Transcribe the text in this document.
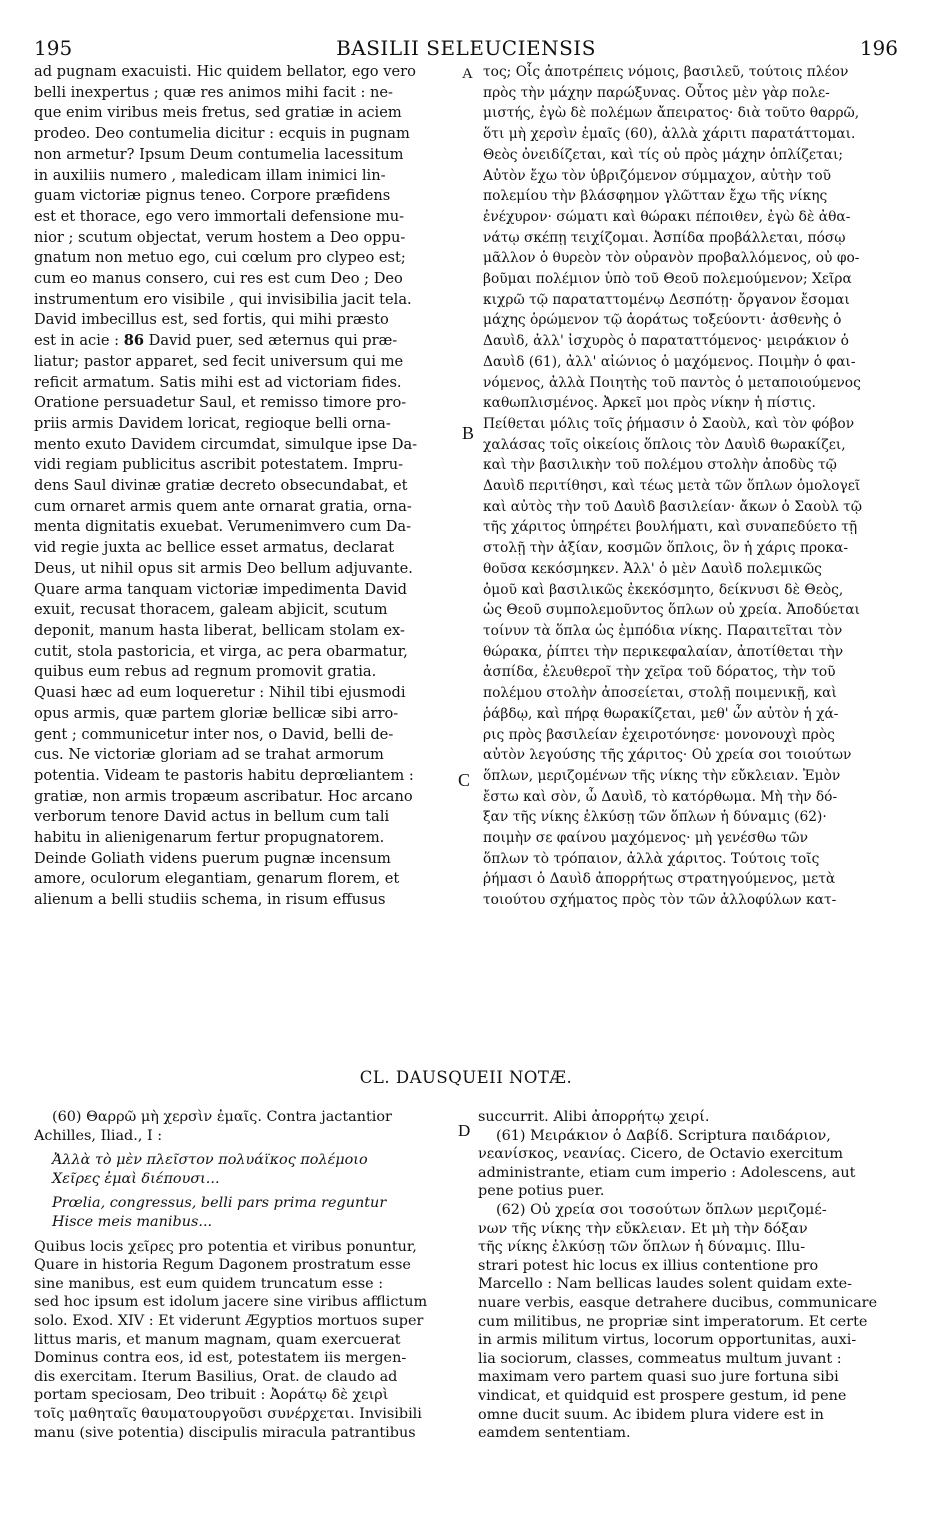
195	BASILII SELEUCIENSIS	196
ad pugnam exacuisti. Hic quidem bellator, ego vero
belli inexpertus ; quæ res animos mihi facit : ne-
que enim viribus meis fretus, sed gratiæ in aciem
prodeo. Deo contumelia dicitur : ecquis in pugnam
non armetur? Ipsum Deum contumelia lacessitum
in auxiliis numero , maledicam illam inimici lin-
guam victoriæ pignus teneo. Corpore præfidens
est et thorace, ego vero immortali defensione mu-
nior ; scutum objectat, verum hostem a Deo oppu-
gnatum non metuo ego, cui cœlum pro clypeo est;
cum eo manus consero, cui res est cum Deo ; Deo
instrumentum ero visibile , qui invisibilia jacit tela.
David imbecillus est, sed fortis, qui mihi præsto
est in acie : 86 David puer, sed æternus qui præ-
liatur; pastor apparet, sed fecit universum qui me
reficit armatum. Satis mihi est ad victoriam fides.
Oratione persuadetur Saul, et remisso timore pro-
priis armis Davidem loricat, regioque belli orna-
mento exuto Davidem circumdat, simulque ipse Da-
vidi regiam publicitus ascribit potestatem. Impru-
dens Saul divinæ gratiæ decreto obsecundabat, et
cum ornaret armis quem ante ornarat gratia, orna-
menta dignitatis exuebat. Verumenimvero cum Da-
vid regie juxta ac bellice esset armatus, declarat
Deus, ut nihil opus sit armis Deo bellum adjuvante.
Quare arma tanquam victoriæ impedimenta David
exuit, recusat thoracem, galeam abjicit, scutum
deponit, manum hasta liberat, bellicam stolam ex-
cutit, stola pastoricia, et virga, ac pera obarmatur,
quibus eum rebus ad regnum promovit gratia.
Quasi hæc ad eum loqueretur : Nihil tibi ejusmodi
opus armis, quæ partem gloriæ bellicæ sibi arro-
gent ; communicetur inter nos, o David, belli de-
cus. Ne victoriæ gloriam ad se trahat armorum
potentia. Videam te pastoris habitu deprœliantem :
gratiæ, non armis tropæum ascribatur. Hoc arcano
verborum tenore David actus in bellum cum tali
habitu in alienigenarum fertur propugnatorem.
Deinde Goliath videns puerum pugnæ incensum
amore, oculorum elegantiam, genarum florem, et
alienum a belli studiis schema, in risum effusus
A
B
C
D
τος; Οἷς ἀποτρέπεις νόμοις, βασιλεῦ, τούτοις πλέον
πρὸς τὴν μάχην παρώξυνας. Οὗτος μὲν γὰρ πολε-
μιστής, ἐγὼ δὲ πολέμων ἄπειρατος· διὰ τοῦτο θαρρῶ,
ὅτι μὴ χερσὶν ἐμαῖς (60), ἀλλὰ χάριτι παρατάττομαι.
Θεὸς ὀνειδίζεται, καὶ τίς οὐ πρὸς μάχην ὁπλίζεται;
Αὐτὸν ἔχω τὸν ὑβριζόμενον σύμμαχον, αὐτὴν τοῦ
πολεμίου τὴν βλάσφημον γλῶτταν ἔχω τῆς νίκης
ἐνέχυρον· σώματι καὶ θώρακι πέποιθεν, ἐγὼ δὲ ἀθα-
νάτῳ σκέπῃ τειχίζομαι. Ἀσπίδα προβάλλεται, πόσῳ
μᾶλλον ὁ θυρεὸν τὸν οὐρανὸν προβαλλόμενος, οὐ φο-
βοῦμαι πολέμιον ὑπὸ τοῦ Θεοῦ πολεμούμενον; Χεῖρα
κιχρῶ τῷ παραταττομένῳ Δεσπότῃ· ὄργανον ἔσομαι
μάχης ὁρώμενον τῷ ἀοράτως τοξεύοντι· ἀσθενὴς ὁ
Δαυὶδ, ἀλλ' ἰσχυρὸς ὁ παραταττόμενος· μειράκιον ὁ
Δαυὶδ (61), ἀλλ' αἰώνιος ὁ μαχόμενος. Ποιμὴν ὁ φαι-
νόμενος, ἀλλὰ Ποιητὴς τοῦ παντὸς ὁ μεταποιούμενος
καθωπλισμένος. Ἀρκεῖ μοι πρὸς νίκην ἡ πίστις.
Πείθεται μόλις τοῖς ῥήμασιν ὁ Σαοὺλ, καὶ τὸν φόβον
χαλάσας τοῖς οἰκείοις ὅπλοις τὸν Δαυὶδ θωρακίζει,
καὶ τὴν βασιλικὴν τοῦ πολέμου στολὴν ἀποδὺς τῷ
Δαυὶδ περιτίθησι, καὶ τέως μετὰ τῶν ὅπλων ὁμολογεῖ
καὶ αὐτὸς τὴν τοῦ Δαυὶδ βασιλείαν· ἄκων ὁ Σαοὺλ τῷ
τῆς χάριτος ὑπηρέτει βουλήματι, καὶ συναπεδύετο τῇ
στολῇ τὴν ἀξίαν, κοσμῶν ὅπλοις, ὃν ἡ χάρις προκα-
θοῦσα κεκόσμηκεν. Ἀλλ' ὁ μὲν Δαυὶδ πολεμικῶς
ὁμοῦ καὶ βασιλικῶς ἐκεκόσμητο, δείκνυσι δὲ Θεὸς,
ὡς Θεοῦ συμπολεμοῦντος ὅπλων οὐ χρεία. Ἀποδύεται
τοίνυν τὰ ὅπλα ὡς ἐμπόδια νίκης. Παραιτεῖται τὸν
θώρακα, ῥίπτει τὴν περικεφαλαίαν, ἀποτίθεται τὴν
ἀσπίδα, ἐλευθεροῖ τὴν χεῖρα τοῦ δόρατος, τὴν τοῦ
πολέμου στολὴν ἀποσείεται, στολῇ ποιμενικῇ, καὶ
ῥάβδῳ, καὶ πήρᾳ θωρακίζεται, μεθ' ὧν αὐτὸν ἡ χά-
ρις πρὸς βασιλείαν ἐχειροτόνησε· μονονουχὶ πρὸς
αὐτὸν λεγούσης τῆς χάριτος· Οὐ χρεία σοι τοιούτων
ὅπλων, μεριζομένων τῆς νίκης τὴν εὔκλειαν. Ἐμὸν
ἔστω καὶ σὸν, ὦ Δαυὶδ, τὸ κατόρθωμα. Μὴ τὴν δό-
ξαν τῆς νίκης ἑλκύσῃ τῶν ὅπλων ἡ δύναμις (62)·
ποιμὴν σε φαίνου μαχόμενος· μὴ γενέσθω τῶν
ὅπλων τὸ τρόπαιον, ἀλλὰ χάριτος. Τούτοις τοῖς
ῥήμασι ὁ Δαυὶδ ἀπορρήτως στρατηγούμενος, μετὰ
τοιούτου σχήματος πρὸς τὸν τῶν ἀλλοφύλων κατ-
CL. DAUSQUEII NOTÆ.
(60) Θαρρῶ μὴ χερσὶν ἐμαῖς. Contra jactantior
Achilles, Iliad., I :
Ἀλλὰ τὸ μὲν πλεῖστον πολυάϊκος πολέμοιο
Χεῖρες ἐμαὶ διέπουσι...
Prœlia, congressus, belli pars prima reguntur
Hisce meis manibus...
Quibus locis χεῖρες pro potentia et viribus ponuntur,
Quare in historia Regum Dagonem prostratum esse
sine manibus, est eum quidem truncatum esse :
sed hoc ipsum est idolum jacere sine viribus afflictum
solo. Exod. XIV : Et viderunt Ægyptios mortuos super
littus maris, et manum magnam, quam exercuerat
Dominus contra eos, id est, potestatem iis mergen-
dis exercitam. Iterum Basilius, Orat. de claudo ad
portam speciosam, Deo tribuit : Ἀοράτῳ δὲ χειρὶ
τοῖς μαθηταῖς θαυματουργοῦσι συνέρχεται. Invisibili
manu (sive potentia) discipulis miracula patrantibus
succurrit. Alibi ἀπορρήτῳ χειρί.
(61) Μειράκιον ὁ Δαβίδ. Scriptura παιδάριον,
νεανίσκος, νεανίας. Cicero, de Octavio exercitum
administrante, etiam cum imperio : Adolescens, aut
pene potius puer.
(62) Οὐ χρεία σοι τοσούτων ὅπλων μεριζομέ-
νων τῆς νίκης τὴν εὔκλειαν. Et μὴ τὴν δόξαν
τῆς νίκης ἑλκύσῃ τῶν ὅπλων ἡ δύναμις. Illu-
strari potest hic locus ex illius contentione pro
Marcello : Nam bellicas laudes solent quidam exte-
nuare verbis, easque detrahere ducibus, communicare
cum militibus, ne propriæ sint imperatorum. Et certe
in armis militum virtus, locorum opportunitas, auxi-
lia sociorum, classes, commeatus multum juvant :
maximam vero partem quasi suo jure fortuna sibi
vindicat, et quidquid est prospere gestum, id pene
omne ducit suum. Ac ibidem plura videre est in
eamdem sententiam.
